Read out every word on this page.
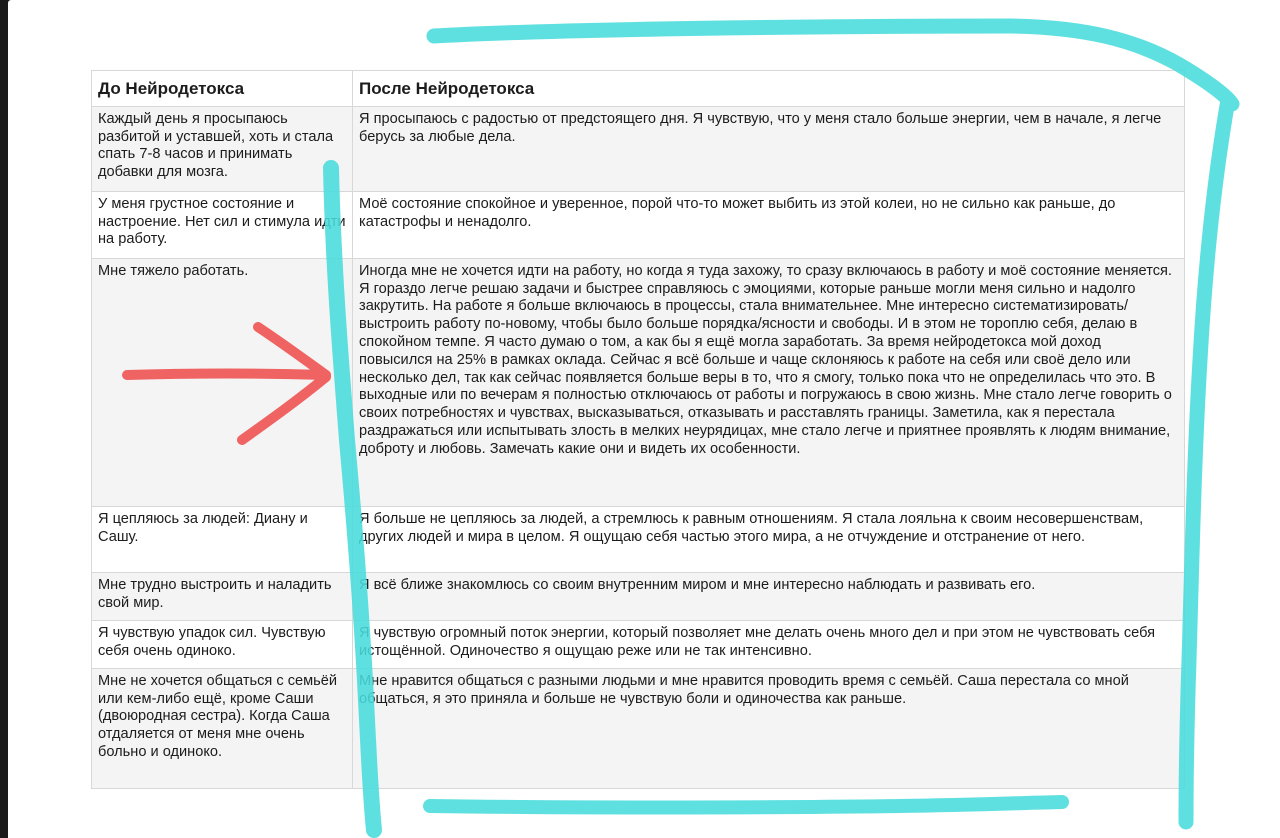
До Нейродетокса	После Нейродетокса
Каждый день я просыпаюсь разбитой и уставшей, хоть и стала спать 7-8 часов и принимать добавки для мозга.	Я просыпаюсь с радостью от предстоящего дня. Я чувствую, что у меня стало больше энергии, чем в начале, я легче берусь за любые дела.
У меня грустное состояние и настроение. Нет сил и стимула идти на работу.	Моё состояние спокойное и уверенное, порой что-то может выбить из этой колеи, но не сильно как раньше, до катастрофы и ненадолго.
Мне тяжело работать.	Иногда мне не хочется идти на работу, но когда я туда захожу, то сразу включаюсь в работу и моё состояние меняется. Я гораздо легче решаю задачи и быстрее справляюсь с эмоциями, которые раньше могли меня сильно и надолго закрутить. На работе я больше включаюсь в процессы, стала внимательнее. Мне интересно систематизировать/выстроить работу по-новому, чтобы было больше порядка/ясности и свободы. И в этом не тороплю себя, делаю в спокойном темпе. Я часто думаю о том, а как бы я ещё могла заработать. За время нейродетокса мой доход повысился на 25% в рамках оклада. Сейчас я всё больше и чаще склоняюсь к работе на себя или своё дело или несколько дел, так как сейчас появляется больше веры в то, что я смогу, только пока что не определилась что это. В выходные или по вечерам я полностью отключаюсь от работы и погружаюсь в свою жизнь. Мне стало легче говорить о своих потребностях и чувствах, высказываться, отказывать и расставлять границы. Заметила, как я перестала раздражаться или испытывать злость в мелких неурядицах, мне стало легче и приятнее проявлять к людям внимание, доброту и любовь. Замечать какие они и видеть их особенности.
Я цепляюсь за людей: Диану и Сашу.	Я больше не цепляюсь за людей, а стремлюсь к равным отношениям. Я стала лояльна к своим несовершенствам, других людей и мира в целом. Я ощущаю себя частью этого мира, а не отчуждение и отстранение от него.
Мне трудно выстроить и наладить свой мир.	Я всё ближе знакомлюсь со своим внутренним миром и мне интересно наблюдать и развивать его.
Я чувствую упадок сил. Чувствую себя очень одиноко.	Я чувствую огромный поток энергии, который позволяет мне делать очень много дел и при этом не чувствовать себя истощённой. Одиночество я ощущаю реже или не так интенсивно.
Мне не хочется общаться с семьёй или кем-либо ещё, кроме Саши (двоюродная сестра). Когда Саша отдаляется от меня мне очень больно и одиноко.	Мне нравится общаться с разными людьми и мне нравится проводить время с семьёй. Саша перестала со мной общаться, я это приняла и больше не чувствую боли и одиночества как раньше.
